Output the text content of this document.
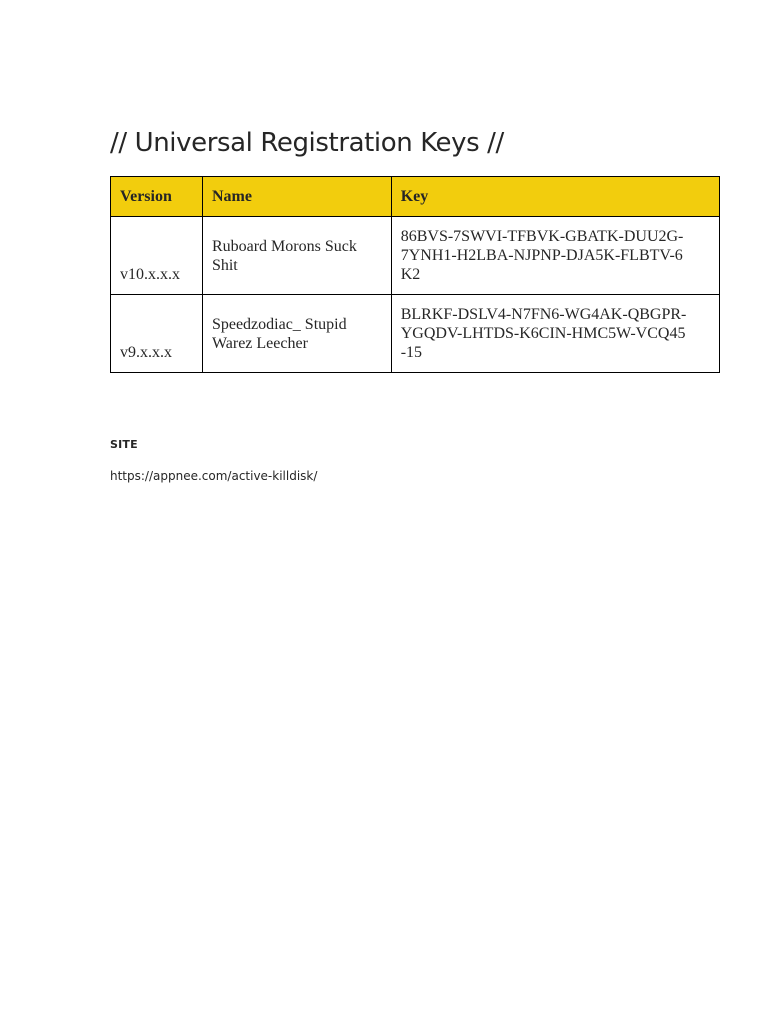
// Universal Registration Keys //
Version	Name	Key
v10.x.x.x	Ruboard Morons Suck Shit	86BVS-7SWVI-TFBVK-GBATK-DUU2G-7YNH1-H2LBA-NJPNP-DJA5K-FLBTV-6K2
v9.x.x.x	Speedzodiac_ Stupid Warez Leecher	BLRKF-DSLV4-N7FN6-WG4AK-QBGPR-YGQDV-LHTDS-K6CIN-HMC5W-VCQ45-15

SITE

https://appnee.com/active-killdisk/
